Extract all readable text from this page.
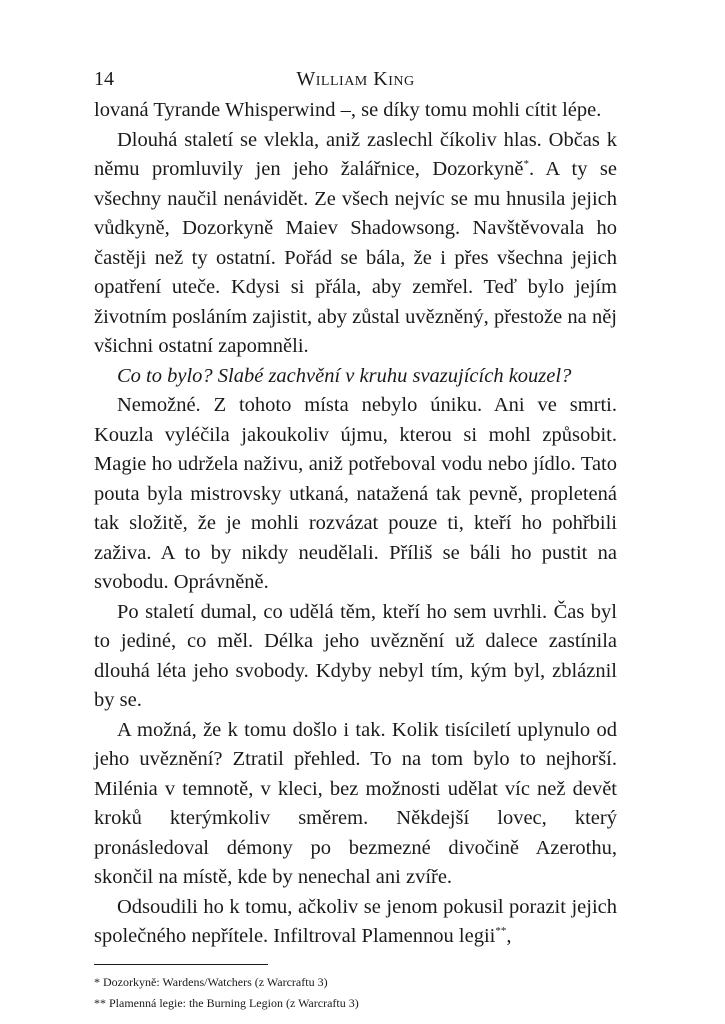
14	William King

lovaná Tyrande Whisperwind –, se díky tomu mohli cítit lépe.

Dlouhá staletí se vlekla, aniž zaslechl číkoliv hlas. Občas k němu promluvily jen jeho žalářnice, Dozorkyně*. A ty se všechny naučil nenávidět. Ze všech nejvíc se mu hnusila jejich vůdkyně, Dozorkyně Maiev Shadowsong. Navštěvovala ho častěji než ty ostatní. Pořád se bála, že i přes všechna jejich opatření uteče. Kdysi si přála, aby zemřel. Teď bylo jejím životním posláním zajistit, aby zůstal uvězněný, přestože na něj všichni ostatní zapomněli.

Co to bylo? Slabé zachvění v kruhu svazujících kouzel?

Nemožné. Z tohoto místa nebylo úniku. Ani ve smrti. Kouzla vyléčila jakoukoliv újmu, kterou si mohl způsobit. Magie ho udržela naživu, aniž potřeboval vodu nebo jídlo. Tato pouta byla mistrovsky utkaná, natažená tak pevně, propletená tak složitě, že je mohli rozvázat pouze ti, kteří ho pohřbili zaživa. A to by nikdy neudělali. Příliš se báli ho pustit na svobodu. Oprávněně.

Po staletí dumal, co udělá těm, kteří ho sem uvrhli. Čas byl to jediné, co měl. Délka jeho uvěznění už dalece zastínila dlouhá léta jeho svobody. Kdyby nebyl tím, kým byl, zbláznil by se.

A možná, že k tomu došlo i tak. Kolik tisíciletí uplynulo od jeho uvěznění? Ztratil přehled. To na tom bylo to nejhorší. Milénia v temnotě, v kleci, bez možnosti udělat víc než devět kroků kterýmkoliv směrem. Někdejší lovec, který pronásledoval démony po bezmezné divočině Azerothu, skončil na místě, kde by nenechal ani zvíře.

Odsoudili ho k tomu, ačkoliv se jenom pokusil porazit jejich společného nepřítele. Infiltroval Plamennou legii**,

* Dozorkyně: Wardens/Watchers (z Warcraftu 3)

** Plamenná legie: the Burning Legion (z Warcraftu 3)
